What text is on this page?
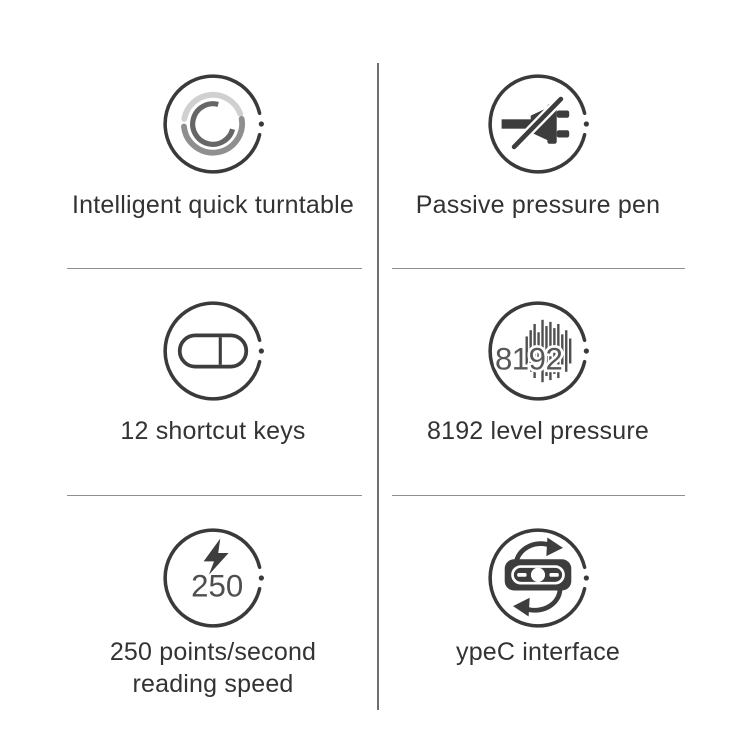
Intelligent quick turntable	Passive pressure pen
12 shortcut keys
8192
8192 level pressure
250
250 points/second
reading speed
ypeC interface
